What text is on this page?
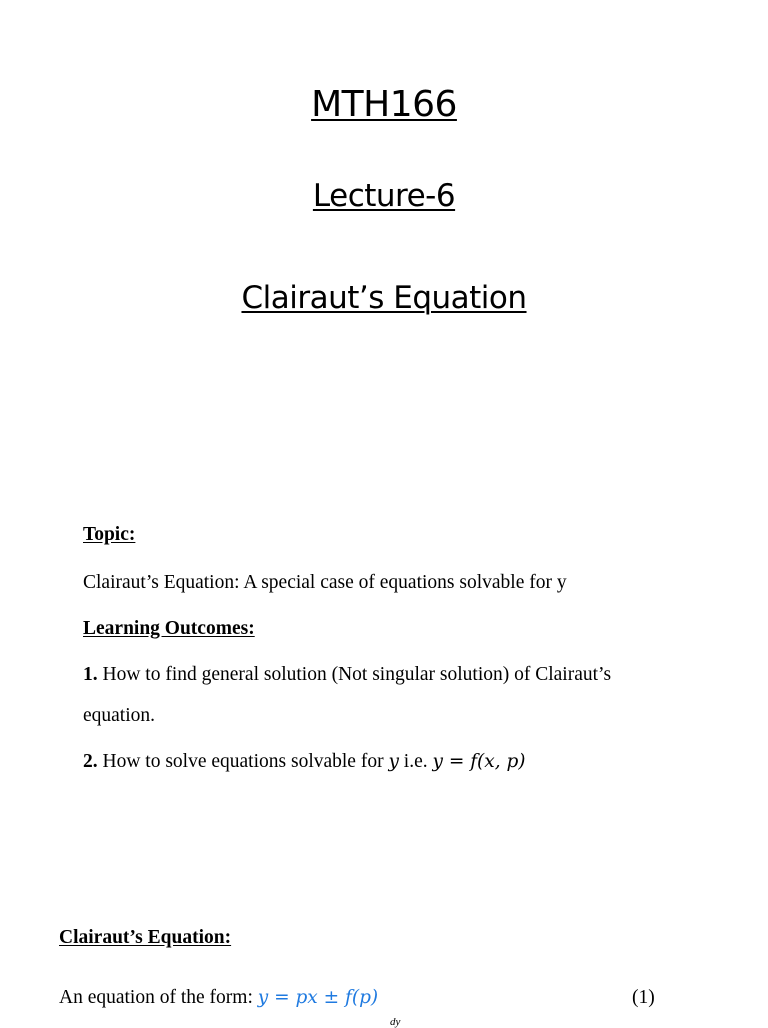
MTH166
Lecture-6
Clairaut’s Equation
Topic:
Clairaut’s Equation: A special case of equations solvable for y
Learning Outcomes:
1. How to find general solution (Not singular solution) of Clairaut’s
equation.
2. How to solve equations solvable for y i.e. y = f(x, p)
Clairaut’s Equation:
An equation of the form: y = px ± f(p)	(1)
dy
